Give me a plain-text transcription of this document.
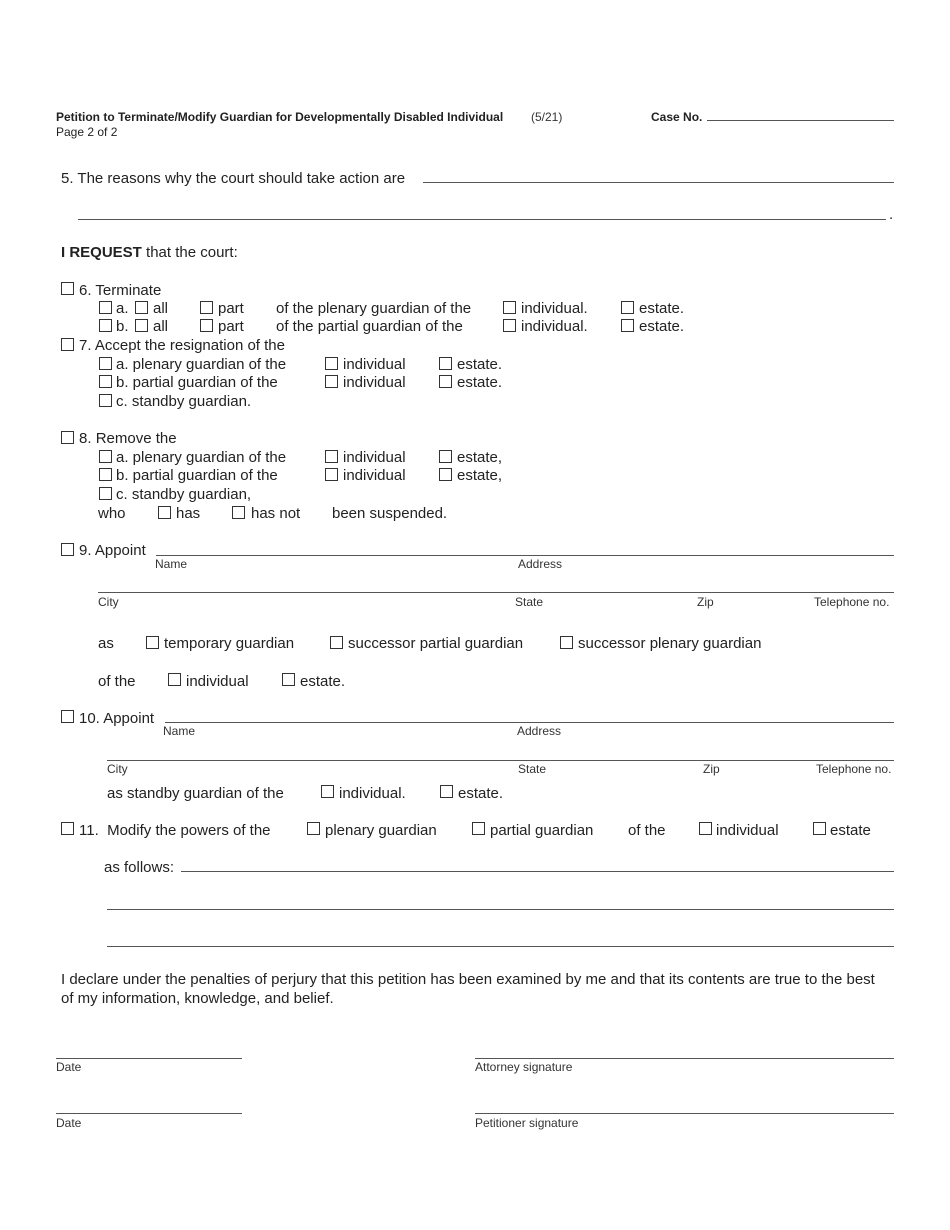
Petition to Terminate/Modify Guardian for Developmentally Disabled Individual (5/21)	Case No.
Page 2 of 2
5. The reasons why the court should take action are
.
I REQUEST that the court:
6. Terminate
a. all	part of the plenary guardian of the	individual.	estate.
b. all	part of the partial guardian of the	individual.	estate.
7. Accept the resignation of the
a. plenary guardian of the	individual	estate.
b. partial guardian of the	individual	estate.
c. standby guardian.
8. Remove the
a. plenary guardian of the	individual	estate,
b. partial guardian of the	individual	estate,
c. standby guardian,
who	has	has not been suspended.
9. Appoint
Name	Address
City	State	Zip	Telephone no.
as	temporary guardian	successor partial guardian	successor plenary guardian
of the	individual	estate.
10. Appoint
Name	Address
City	State	Zip	Telephone no.
as standby guardian of the	individual.	estate.
11. Modify the powers of the	plenary guardian	partial guardian of the	individual	estate
as follows:
I declare under the penalties of perjury that this petition has been examined by me and that its contents are true to the best
of my information, knowledge, and belief.
Date	Attorney signature
Date	Petitioner signature
